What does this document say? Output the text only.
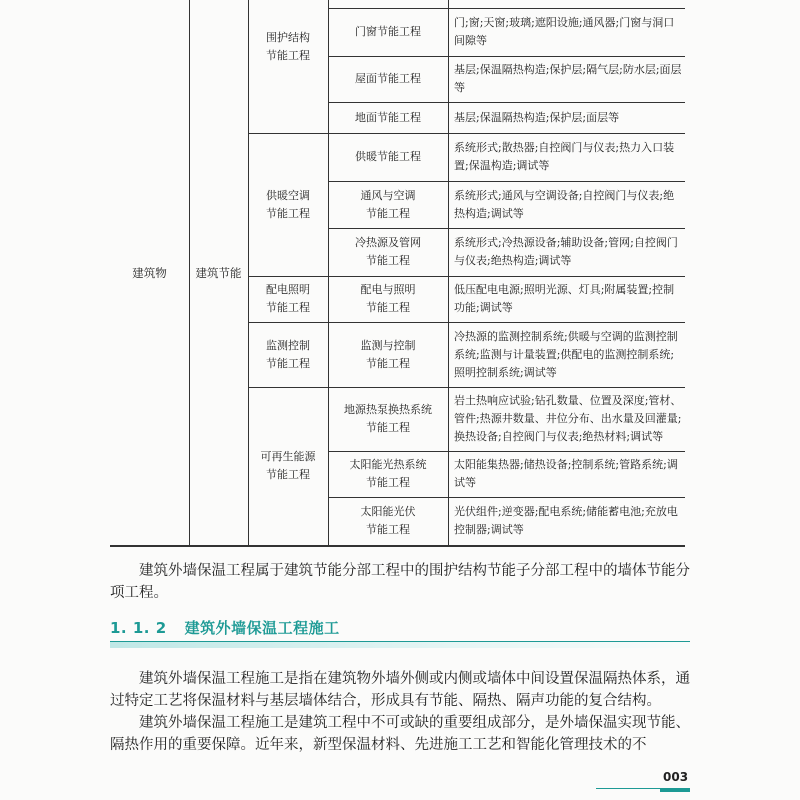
建筑物	建筑节能
围护结构
节能工程
供暖空调
节能工程
配电照明
节能工程
监测控制
节能工程
可再生能源
节能工程
门窗节能工程
屋面节能工程
地面节能工程
供暖节能工程
通风与空调
节能工程
冷热源及管网
节能工程
配电与照明
节能工程
监测与控制
节能工程
地源热泵换热系统
节能工程
太阳能光热系统
节能工程
太阳能光伏
节能工程
门;窗;天窗;玻璃;遮阳设施;通风器;门窗与洞口间隙等
基层;保温隔热构造;保护层;隔气层;防水层;面层等
基层;保温隔热构造;保护层;面层等
系统形式;散热器;自控阀门与仪表;热力入口装置;保温构造;调试等
系统形式;通风与空调设备;自控阀门与仪表;绝热构造;调试等
系统形式;冷热源设备;辅助设备;管网;自控阀门与仪表;绝热构造;调试等
低压配电电源;照明光源、灯具;附属装置;控制功能;调试等
冷热源的监测控制系统;供暖与空调的监测控制系统;监测与计量装置;供配电的监测控制系统;照明控制系统;调试等
岩土热响应试验;钻孔数量、位置及深度;管材、管件;热源井数量、井位分布、出水量及回灌量;换热设备;自控阀门与仪表;绝热材料;调试等
太阳能集热器;储热设备;控制系统;管路系统;调试等
光伏组件;逆变器;配电系统;储能蓄电池;充放电控制器;调试等

建筑外墙保温工程属于建筑节能分部工程中的围护结构节能子分部工程中的墙体节能分项工程。

1. 1. 2 建筑外墙保温工程施工

建筑外墙保温工程施工是指在建筑物外墙外侧或内侧或墙体中间设置保温隔热体系，通过特定工艺将保温材料与基层墙体结合，形成具有节能、隔热、隔声功能的复合结构。

建筑外墙保温工程施工是建筑工程中不可或缺的重要组成部分，是外墙保温实现节能、隔热作用的重要保障。近年来，新型保温材料、先进施工工艺和智能化管理技术的不

003
